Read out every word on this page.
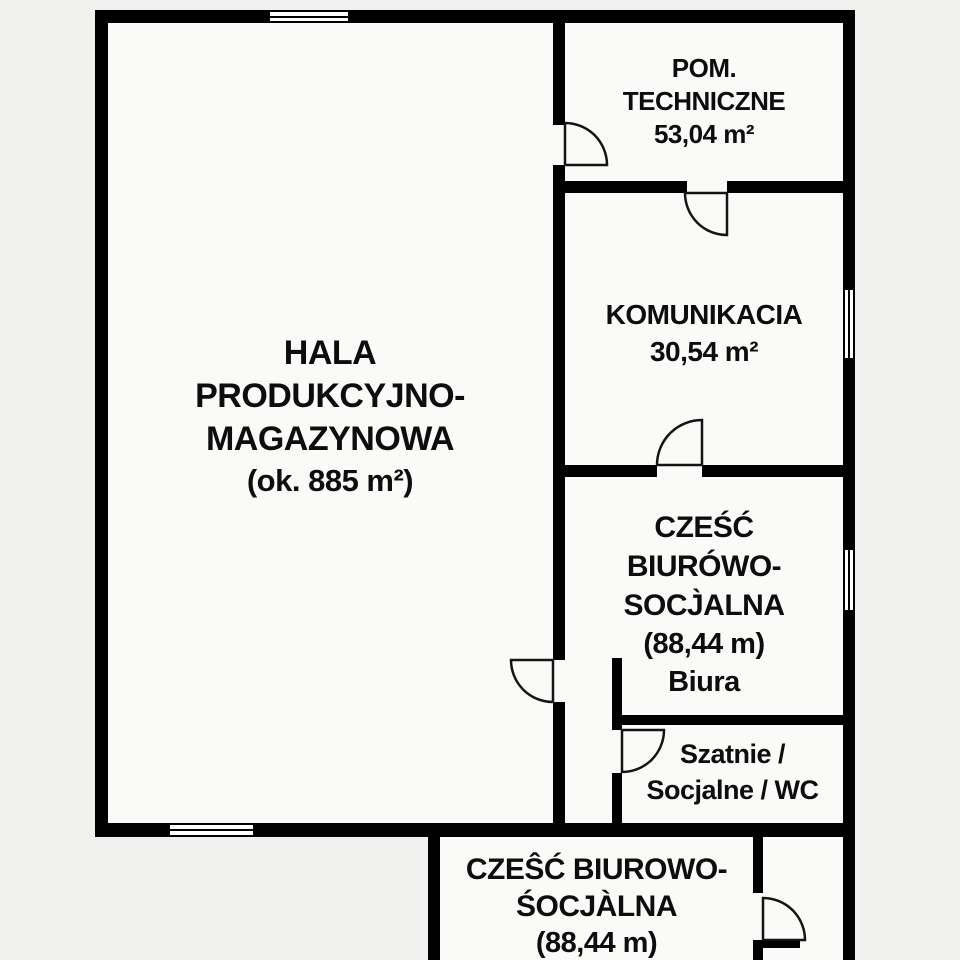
HALA
PRODUKCYJNO-
MAGAZYNOWA
(ok. 885 m²)
POM.
TECHNICZNE
53,04 m²
KOMUNIKACIA
30,54 m²
CZEŚĆ
BIURÓWO-
SOCJ̀ALNA
(88,44 m)
Biura
Szatnie /
Socjalne / WC
CZEŜĆ BIUROWO-
ŚOCJÀLNA
(88,44 m)
